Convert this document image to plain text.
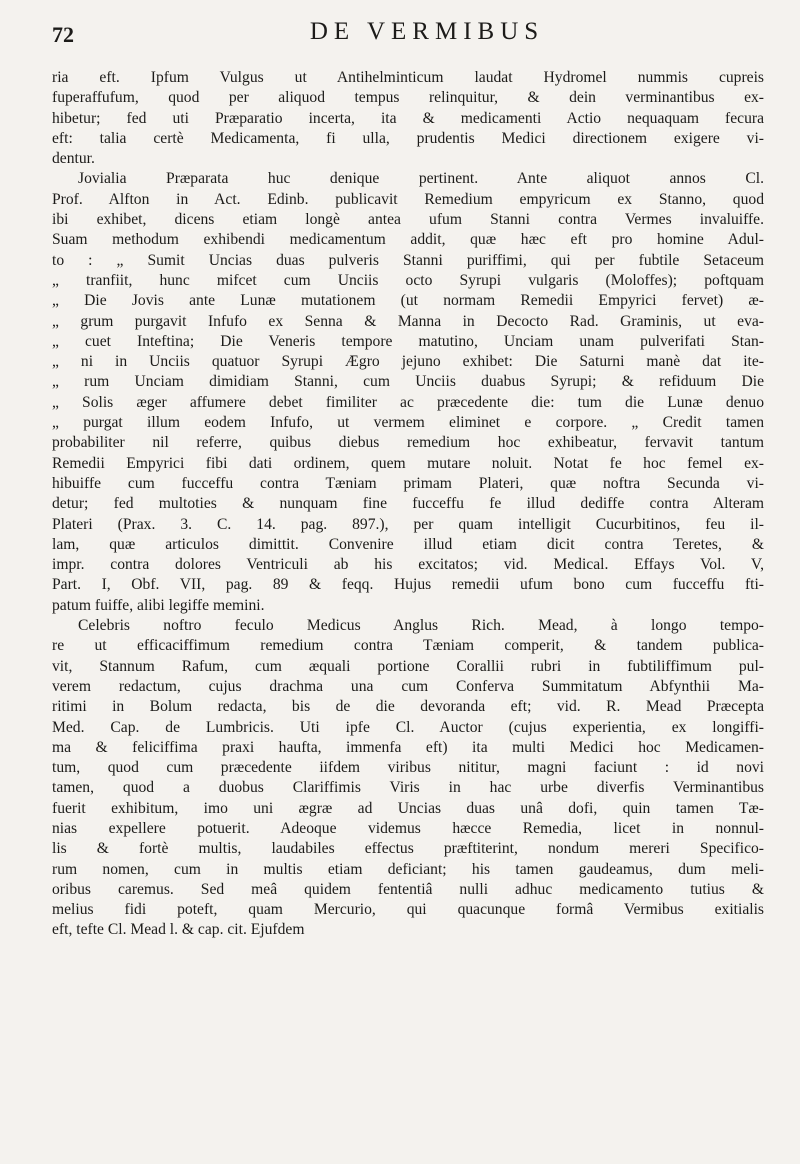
72	DE VERMIBUS
ria eft. Ipfum Vulgus ut Antihelminticum laudat Hydromel nummis cupreis
fuperaffufum, quod per aliquod tempus relinquitur, & dein verminantibus ex-
hibetur; fed uti Præparatio incerta, ita & medicamenti Actio nequaquam fecura
eft: talia certè Medicamenta, fi ulla, prudentis Medici directionem exigere vi-
dentur.
Jovialia Præparata huc denique pertinent. Ante aliquot annos Cl.
Prof. Alfton in Act. Edinb. publicavit Remedium empyricum ex Stanno, quod
ibi exhibet, dicens etiam longè antea ufum Stanni contra Vermes invaluiffe.
Suam methodum exhibendi medicamentum addit, quæ hæc eft pro homine Adul-
to : „ Sumit Uncias duas pulveris Stanni puriffimi, qui per fubtile Setaceum
„ tranfiit, hunc mifcet cum Unciis octo Syrupi vulgaris (Moloffes); poftquam
„ Die Jovis ante Lunæ mutationem (ut normam Remedii Empyrici fervet) æ-
„ grum purgavit Infufo ex Senna & Manna in Decocto Rad. Graminis, ut eva-
„ cuet Inteftina; Die Veneris tempore matutino, Unciam unam pulverifati Stan-
„ ni in Unciis quatuor Syrupi Ægro jejuno exhibet: Die Saturni manè dat ite-
„ rum Unciam dimidiam Stanni, cum Unciis duabus Syrupi; & refiduum Die
„ Solis æger affumere debet fimiliter ac præcedente die: tum die Lunæ denuo
„ purgat illum eodem Infufo, ut vermem eliminet e corpore. „ Credit tamen
probabiliter nil referre, quibus diebus remedium hoc exhibeatur, fervavit tantum
Remedii Empyrici fibi dati ordinem, quem mutare noluit. Notat fe hoc femel ex-
hibuiffe cum fucceffu contra Tæniam primam Plateri, quæ noftra Secunda vi-
detur; fed multoties & nunquam fine fucceffu fe illud dediffe contra Alteram
Plateri (Prax. 3. C. 14. pag. 897.), per quam intelligit Cucurbitinos, feu il-
lam, quæ articulos dimittit. Convenire illud etiam dicit contra Teretes, &
impr. contra dolores Ventriculi ab his excitatos; vid. Medical. Effays Vol. V,
Part. I, Obf. VII, pag. 89 & feqq. Hujus remedii ufum bono cum fucceffu fti-
patum fuiffe, alibi legiffe memini.
Celebris noftro feculo Medicus Anglus Rich. Mead, à longo tempo-
re ut efficaciffimum remedium contra Tæniam comperit, & tandem publica-
vit, Stannum Rafum, cum æquali portione Corallii rubri in fubtiliffimum pul-
verem redactum, cujus drachma una cum Conferva Summitatum Abfynthii Ma-
ritimi in Bolum redacta, bis de die devoranda eft; vid. R. Mead Præcepta
Med. Cap. de Lumbricis. Uti ipfe Cl. Auctor (cujus experientia, ex longiffi-
ma & feliciffima praxi haufta, immenfa eft) ita multi Medici hoc Medicamen-
tum, quod cum præcedente iifdem viribus nititur, magni faciunt : id novi
tamen, quod a duobus Clariffimis Viris in hac urbe diverfis Verminantibus
fuerit exhibitum, imo uni ægræ ad Uncias duas unâ dofi, quin tamen Tæ-
nias expellere potuerit. Adeoque videmus hæcce Remedia, licet in nonnul-
lis & fortè multis, laudabiles effectus præftiterint, nondum mereri Specifico-
rum nomen, cum in multis etiam deficiant; his tamen gaudeamus, dum meli-
oribus caremus. Sed meâ quidem fententiâ nulli adhuc medicamento tutius &
melius fidi poteft, quam Mercurio, qui quacunque formâ Vermibus exitialis
eft, tefte Cl. Mead l. & cap. cit. Ejufdem
